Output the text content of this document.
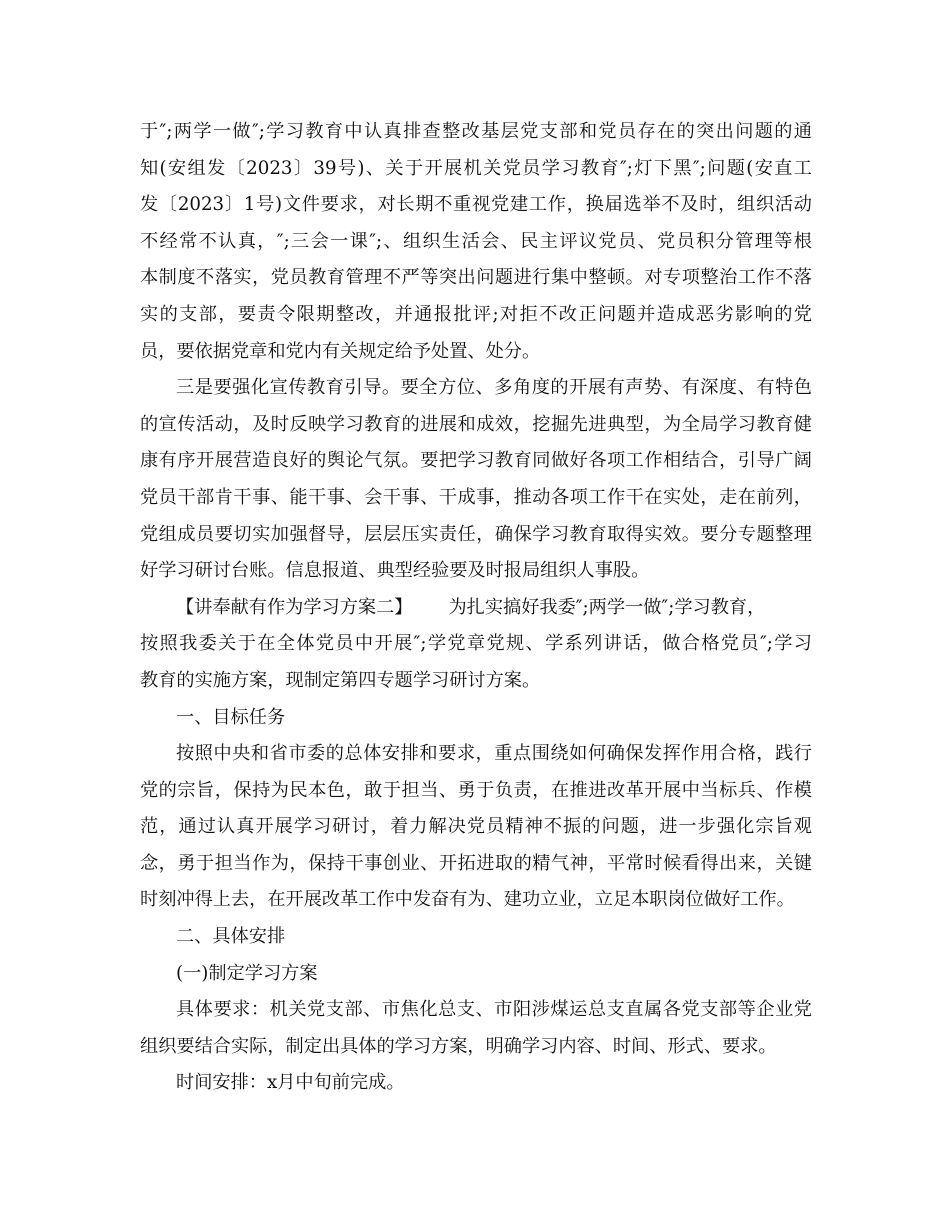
于″;两学一做″;学习教育中认真排查整改基层党支部和党员存在的突出问题的通
知(安组发〔2023〕39号)、关于开展机关党员学习教育″;灯下黑″;问题(安直工
发〔2023〕1号)文件要求，对长期不重视党建工作，换届选举不及时，组织活动
不经常不认真，″;三会一课″;、组织生活会、民主评议党员、党员积分管理等根
本制度不落实，党员教育管理不严等突出问题进行集中整顿。对专项整治工作不落
实的支部，要责令限期整改，并通报批评;对拒不改正问题并造成恶劣影响的党
员，要依据党章和党内有关规定给予处置、处分。
三是要强化宣传教育引导。要全方位、多角度的开展有声势、有深度、有特色
的宣传活动，及时反映学习教育的进展和成效，挖掘先进典型，为全局学习教育健
康有序开展营造良好的舆论气氛。要把学习教育同做好各项工作相结合，引导广阔
党员干部肯干事、能干事、会干事、干成事，推动各项工作干在实处，走在前列，
党组成员要切实加强督导，层层压实责任，确保学习教育取得实效。要分专题整理
好学习研讨台账。信息报道、典型经验要及时报局组织人事股。
【讲奉献有作为学习方案二】 为扎实搞好我委″;两学一做″;学习教育，
按照我委关于在全体党员中开展″;学党章党规、学系列讲话，做合格党员″;学习
教育的实施方案，现制定第四专题学习研讨方案。
一、目标任务
按照中央和省市委的总体安排和要求，重点围绕如何确保发挥作用合格，践行
党的宗旨，保持为民本色，敢于担当、勇于负责，在推进改革开展中当标兵、作模
范，通过认真开展学习研讨，着力解决党员精神不振的问题，进一步强化宗旨观
念，勇于担当作为，保持干事创业、开拓进取的精气神，平常时候看得出来，关键
时刻冲得上去，在开展改革工作中发奋有为、建功立业，立足本职岗位做好工作。
二、具体安排
(一)制定学习方案
具体要求：机关党支部、市焦化总支、市阳涉煤运总支直属各党支部等企业党
组织要结合实际，制定出具体的学习方案，明确学习内容、时间、形式、要求。
时间安排：x月中旬前完成。
